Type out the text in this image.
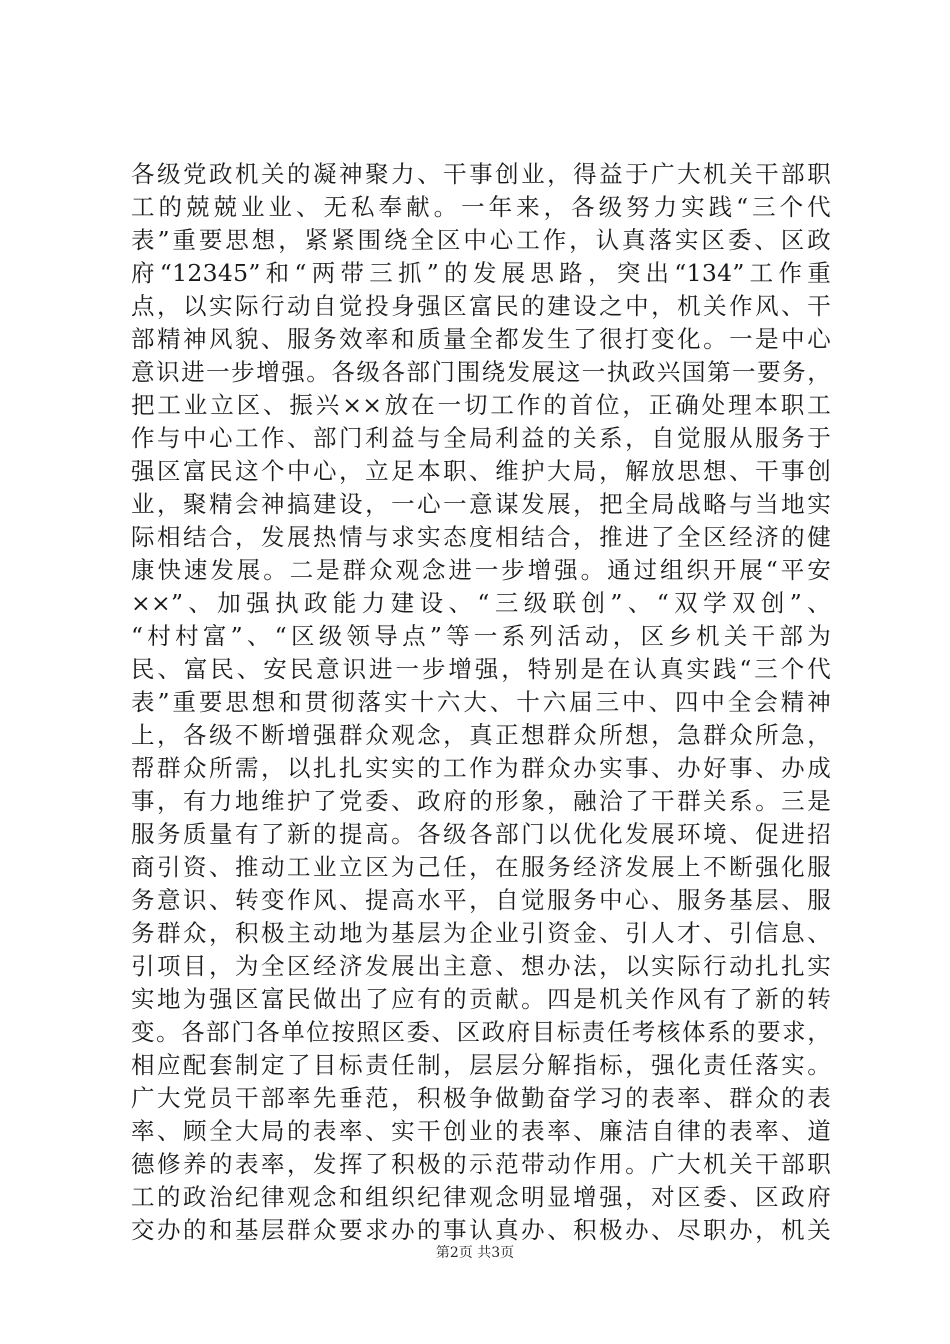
各级党政机关的凝神聚力、干事创业，得益于广大机关干部职
工的兢兢业业、无私奉献。一年来，各级努力实践“三个代
表”重要思想，紧紧围绕全区中心工作，认真落实区委、区政
府“12345”和“两带三抓”的发展思路，突出“134”工作重
点，以实际行动自觉投身强区富民的建设之中，机关作风、干
部精神风貌、服务效率和质量全都发生了很打变化。一是中心
意识进一步增强。各级各部门围绕发展这一执政兴国第一要务，
把工业立区、振兴××放在一切工作的首位，正确处理本职工
作与中心工作、部门利益与全局利益的关系，自觉服从服务于
强区富民这个中心，立足本职、维护大局，解放思想、干事创
业，聚精会神搞建设，一心一意谋发展，把全局战略与当地实
际相结合，发展热情与求实态度相结合，推进了全区经济的健
康快速发展。二是群众观念进一步增强。通过组织开展“平安
××”、加强执政能力建设、“三级联创”、“双学双创”、
“村村富”、“区级领导点”等一系列活动，区乡机关干部为
民、富民、安民意识进一步增强，特别是在认真实践“三个代
表”重要思想和贯彻落实十六大、十六届三中、四中全会精神
上，各级不断增强群众观念，真正想群众所想，急群众所急，
帮群众所需，以扎扎实实的工作为群众办实事、办好事、办成
事，有力地维护了党委、政府的形象，融洽了干群关系。三是
服务质量有了新的提高。各级各部门以优化发展环境、促进招
商引资、推动工业立区为己任，在服务经济发展上不断强化服
务意识、转变作风、提高水平，自觉服务中心、服务基层、服
务群众，积极主动地为基层为企业引资金、引人才、引信息、
引项目，为全区经济发展出主意、想办法，以实际行动扎扎实
实地为强区富民做出了应有的贡献。四是机关作风有了新的转
变。各部门各单位按照区委、区政府目标责任考核体系的要求，
相应配套制定了目标责任制，层层分解指标，强化责任落实。
广大党员干部率先垂范，积极争做勤奋学习的表率、群众的表
率、顾全大局的表率、实干创业的表率、廉洁自律的表率、道
德修养的表率，发挥了积极的示范带动作用。广大机关干部职
工的政治纪律观念和组织纪律观念明显增强，对区委、区政府
交办的和基层群众要求办的事认真办、积极办、尽职办，机关
第2页 共3页
